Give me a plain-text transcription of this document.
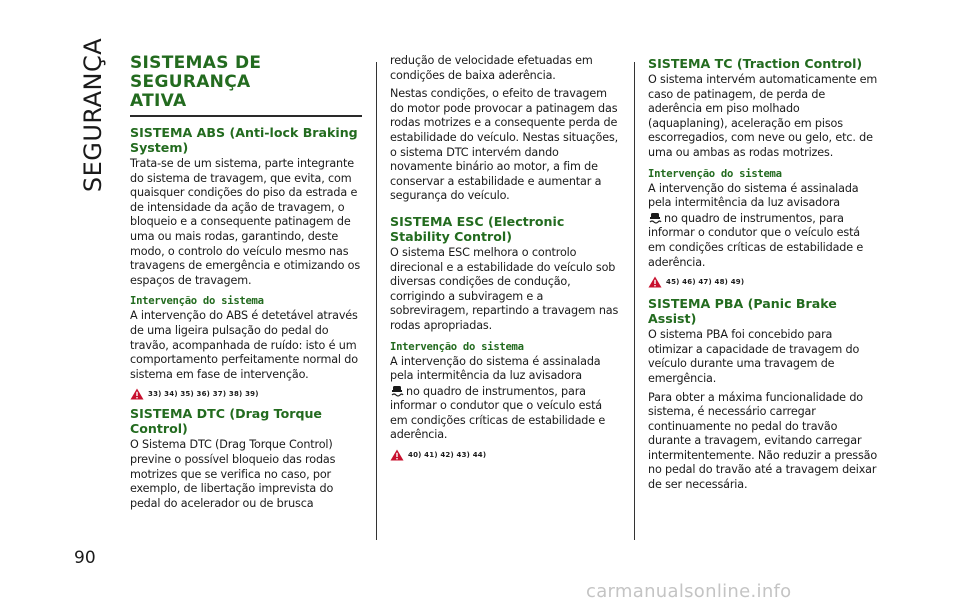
SEGURANÇA
90
SISTEMAS DE SEGURANÇA
ATIVA
SISTEMA ABS (Anti-lock Braking
System)

Trata-se de um sistema, parte integrante do sistema de travagem, que evita, com quaisquer condições do piso da estrada e de intensidade da ação de travagem, o bloqueio e a consequente patinagem de uma ou mais rodas, garantindo, deste modo, o controlo do veículo mesmo nas travagens de emergência e otimizando os espaços de travagem.

Intervenção do sistema

A intervenção do ABS é detetável através de uma ligeira pulsação do pedal do travão, acompanhada de ruído: isto é um comportamento perfeitamente normal do sistema em fase de intervenção.

33) 34) 35) 36) 37) 38) 39)
SISTEMA DTC (Drag Torque
Control)

O Sistema DTC (Drag Torque Control) previne o possível bloqueio das rodas motrizes que se verifica no caso, por exemplo, de libertação imprevista do pedal do acelerador ou de brusca

redução de velocidade efetuadas em condições de baixa aderência.

Nestas condições, o efeito de travagem do motor pode provocar a patinagem das rodas motrizes e a consequente perda de estabilidade do veículo. Nestas situações, o sistema DTC intervém dando novamente binário ao motor, a fim de conservar a estabilidade e aumentar a segurança do veículo.

SISTEMA ESC (Electronic
Stability Control)

O sistema ESC melhora o controlo direcional e a estabilidade do veículo sob diversas condições de condução, corrigindo a subviragem e a sobreviragem, repartindo a travagem nas rodas apropriadas.

Intervenção do sistema

A intervenção do sistema é assinalada pela intermitência da luz avisadora
no quadro de instrumentos, para informar o condutor que o veículo está em condições críticas de estabilidade e aderência.

40) 41) 42) 43) 44)
SISTEMA TC (Traction Control)

O sistema intervém automaticamente em caso de patinagem, de perda de aderência em piso molhado (aquaplaning), aceleração em pisos escorregadios, com neve ou gelo, etc. de uma ou ambas as rodas motrizes.

Intervenção do sistema

A intervenção do sistema é assinalada pela intermitência da luz avisadora
no quadro de instrumentos, para informar o condutor que o veículo está em condições críticas de estabilidade e aderência.

45) 46) 47) 48) 49)
SISTEMA PBA (Panic Brake
Assist)

O sistema PBA foi concebido para otimizar a capacidade de travagem do veículo durante uma travagem de emergência.

Para obter a máxima funcionalidade do sistema, é necessário carregar continuamente no pedal do travão durante a travagem, evitando carregar intermitentemente. Não reduzir a pressão no pedal do travão até a travagem deixar de ser necessária.

carmanualsonline.info
